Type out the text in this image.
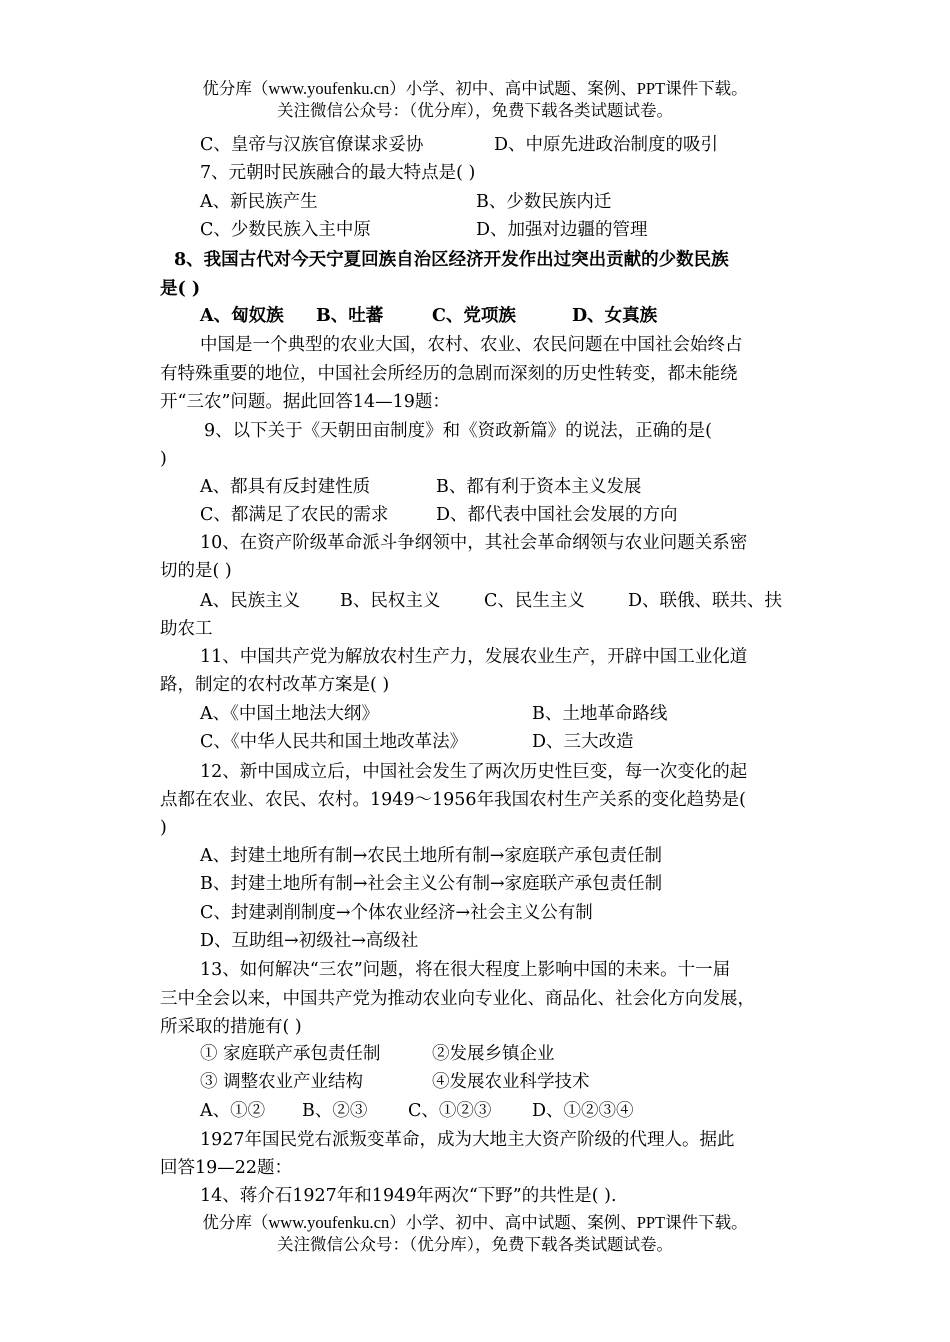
优分库（www.youfenku.cn）小学、初中、高中试题、案例、PPT课件下载。
关注微信公众号：（优分库），免费下载各类试题试卷。
C、皇帝与汉族官僚谋求妥协	D、中原先进政治制度的吸引
7、元朝时民族融合的最大特点是( )
A、新民族产生	B、少数民族内迁
C、少数民族入主中原	D、加强对边疆的管理
8、我国古代对今天宁夏回族自治区经济开发作出过突出贡献的少数民族
是( )
A、匈奴族 B、吐蕃	C、党项族	D、女真族
中国是一个典型的农业大国，农村、农业、农民问题在中国社会始终占
有特殊重要的地位，中国社会所经历的急剧而深刻的历史性转变，都未能绕
开“三农”问题。据此回答14—19题：
9、以下关于《天朝田亩制度》和《资政新篇》的说法，正确的是(
)
A、都具有反封建性质	B、都有利于资本主义发展
C、都满足了农民的需求	D、都代表中国社会发展的方向
10、在资产阶级革命派斗争纲领中，其社会革命纲领与农业问题关系密
切的是( )
A、民族主义 B、民权主义 C、民生主义 D、联俄、联共、扶
助农工
11、中国共产党为解放农村生产力，发展农业生产，开辟中国工业化道
路，制定的农村改革方案是( )
A、《中国土地法大纲》	B、土地革命路线
C、《中华人民共和国土地改革法》	D、三大改造
12、新中国成立后，中国社会发生了两次历史性巨变，每一次变化的起
点都在农业、农民、农村。1949～1956年我国农村生产关系的变化趋势是(
)
A、封建土地所有制→农民土地所有制→家庭联产承包责任制
B、封建土地所有制→社会主义公有制→家庭联产承包责任制
C、封建剥削制度→个体农业经济→社会主义公有制
D、互助组→初级社→高级社
13、如何解决“三农”问题，将在很大程度上影响中国的未来。十一届
三中全会以来，中国共产党为推动农业向专业化、商品化、社会化方向发展，
所采取的措施有( )
① 家庭联产承包责任制	②发展乡镇企业
③ 调整农业产业结构	④发展农业科学技术
A、①② B、②③ C、①②③ D、①②③④
1927年国民党右派叛变革命，成为大地主大资产阶级的代理人。据此
回答19—22题：
14、蒋介石1927年和1949年两次“下野”的共性是( ).
优分库（www.youfenku.cn）小学、初中、高中试题、案例、PPT课件下载。
关注微信公众号：（优分库），免费下载各类试题试卷。
